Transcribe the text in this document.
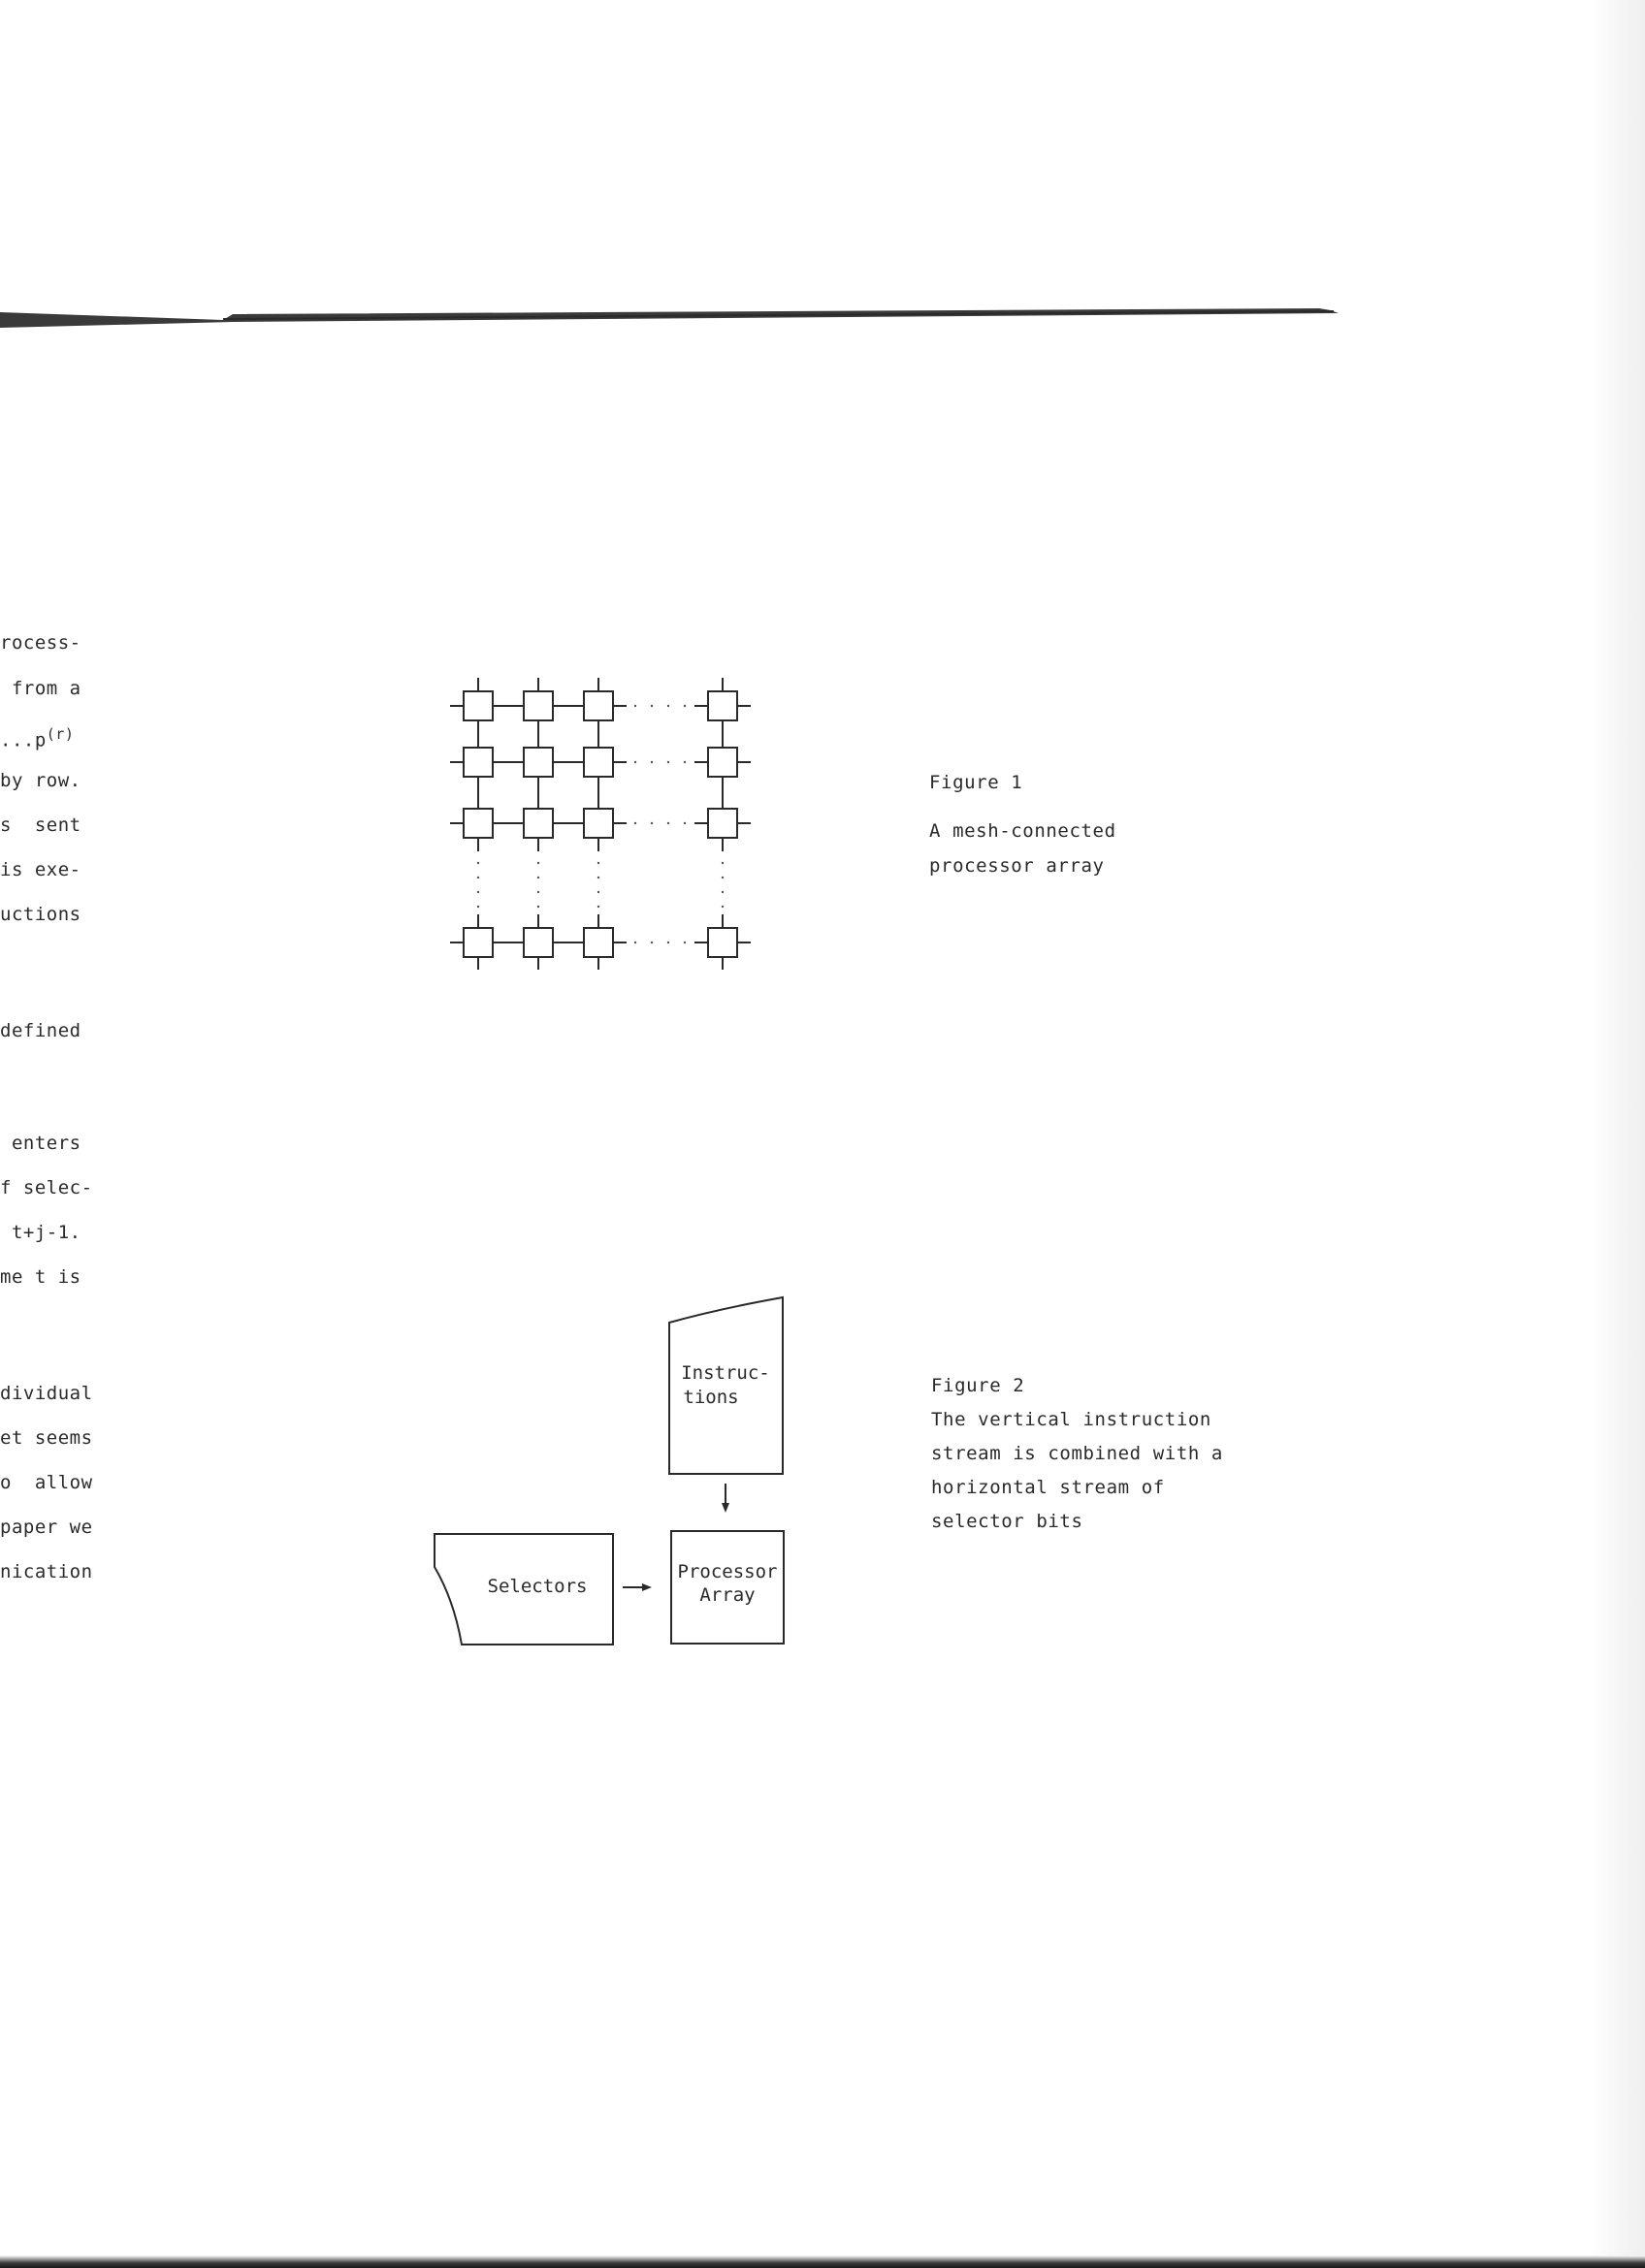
rocess-
from a
$...p^{(r)}$
by row.
s  sent
is exe-
uctions
defined
enters
f selec-
t+j-1.
me t is
dividual
et seems
o  allow
paper we
nication
Figure 1
A mesh-connected
processor array
Instruc-
tions
Processor
Array
Selectors
Figure 2
The vertical instruction
stream is combined with a
horizontal stream of
selector bits
